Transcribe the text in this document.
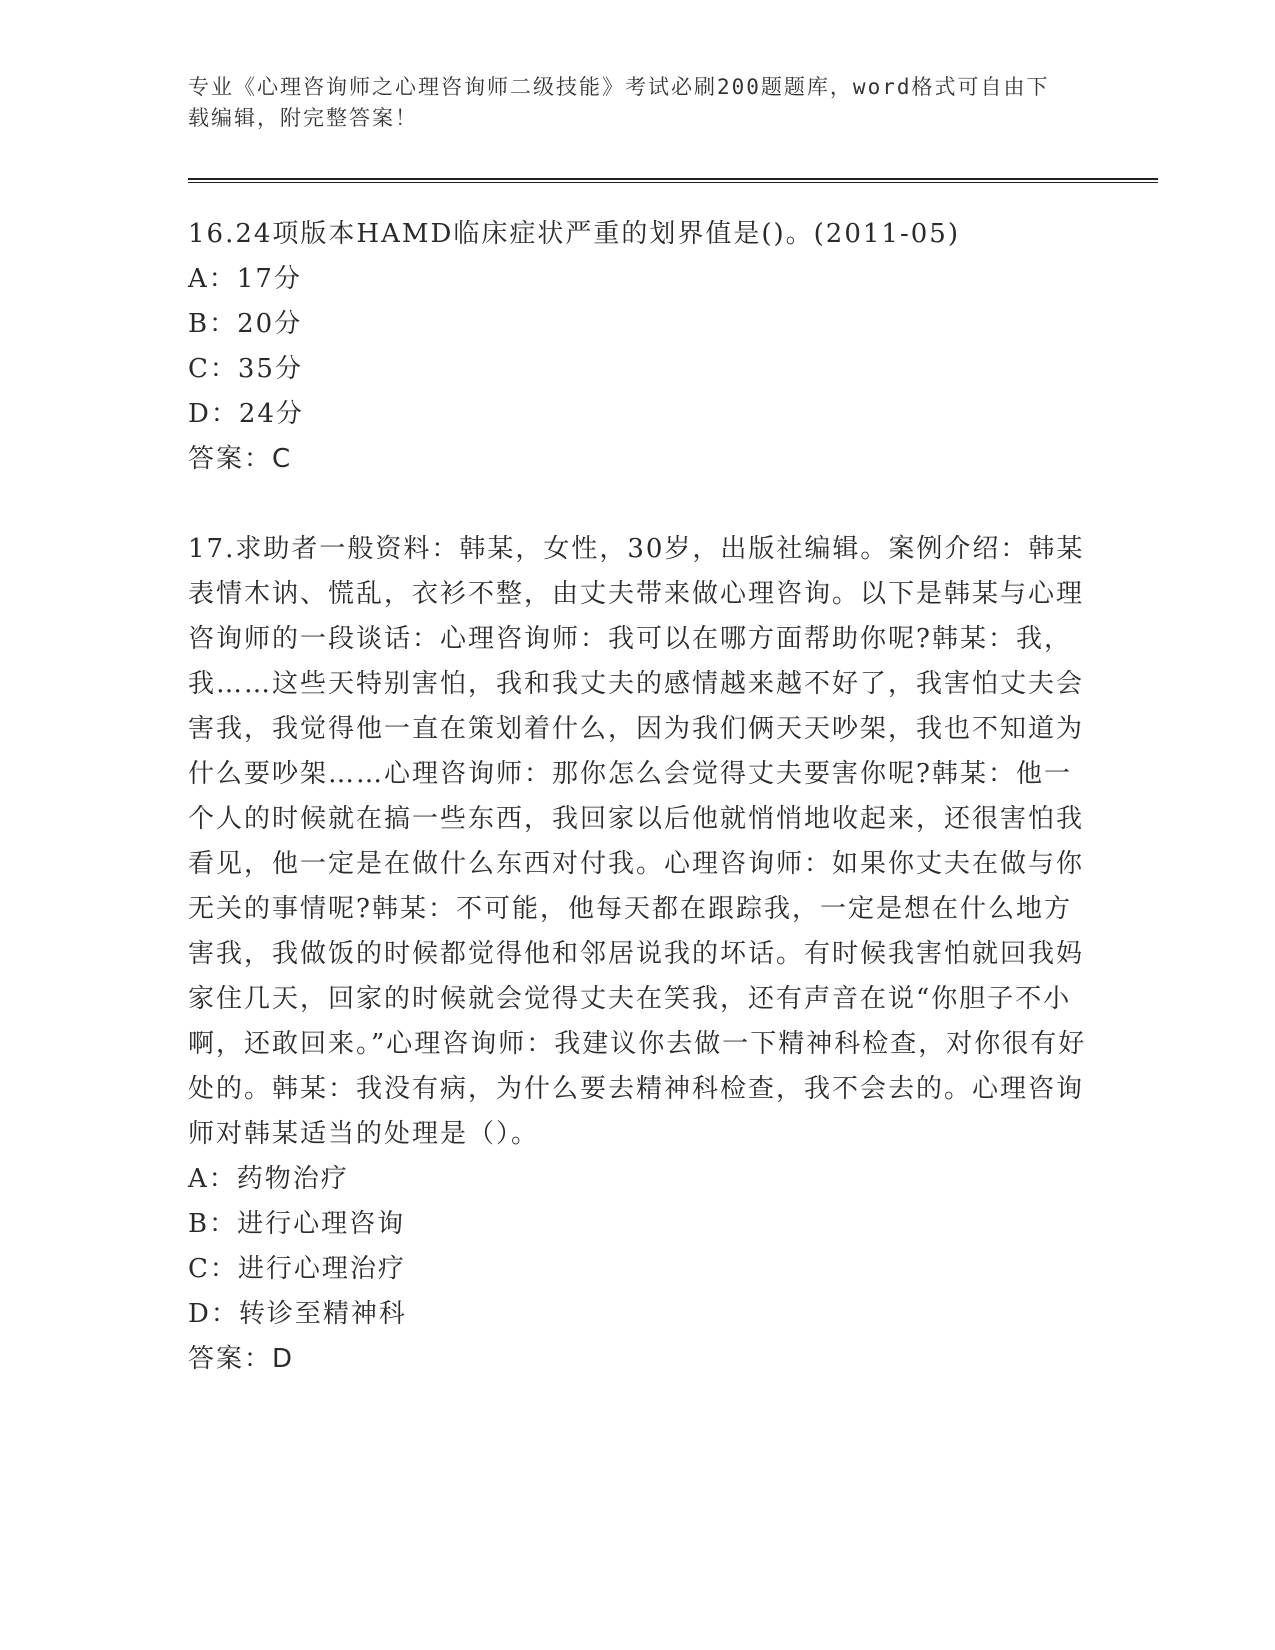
专业《心理咨询师之心理咨询师二级技能》考试必刷200题题库，word格式可自由下载编辑，附完整答案！

16.24项版本HAMD临床症状严重的划界值是()。(2011-05)

A：17分

B：20分

C：35分

D：24分

答案：C

17.求助者一般资料：韩某，女性，30岁，出版社编辑。案例介绍：韩某表情木讷、慌乱，衣衫不整，由丈夫带来做心理咨询。以下是韩某与心理咨询师的一段谈话：心理咨询师：我可以在哪方面帮助你呢?韩某：我，我……这些天特别害怕，我和我丈夫的感情越来越不好了，我害怕丈夫会害我，我觉得他一直在策划着什么，因为我们俩天天吵架，我也不知道为什么要吵架……心理咨询师：那你怎么会觉得丈夫要害你呢?韩某：他一个人的时候就在搞一些东西，我回家以后他就悄悄地收起来，还很害怕我看见，他一定是在做什么东西对付我。心理咨询师：如果你丈夫在做与你无关的事情呢?韩某：不可能，他每天都在跟踪我，一定是想在什么地方害我，我做饭的时候都觉得他和邻居说我的坏话。有时候我害怕就回我妈家住几天，回家的时候就会觉得丈夫在笑我，还有声音在说“你胆子不小啊，还敢回来。”心理咨询师：我建议你去做一下精神科检查，对你很有好处的。韩某：我没有病，为什么要去精神科检查，我不会去的。心理咨询师对韩某适当的处理是（）。

A：药物治疗

B：进行心理咨询

C：进行心理治疗

D：转诊至精神科

答案：D
